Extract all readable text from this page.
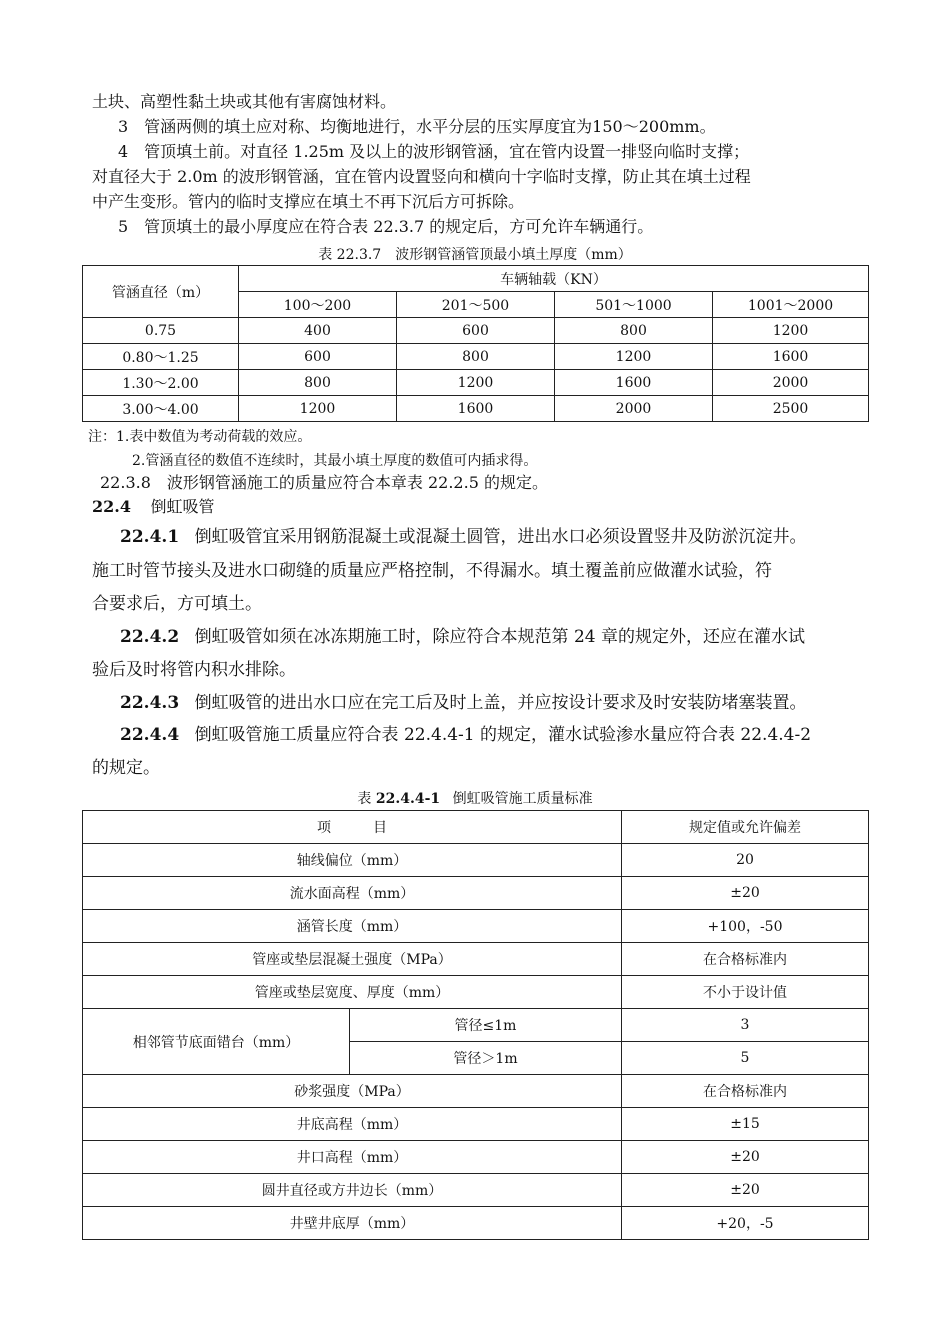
土块、高塑性黏土块或其他有害腐蚀材料。
3　管涵两侧的填土应对称、均衡地进行，水平分层的压实厚度宜为150～200mm。
4　管顶填土前。对直径 1.25m 及以上的波形钢管涵，宜在管内设置一排竖向临时支撑；
对直径大于 2.0m 的波形钢管涵，宜在管内设置竖向和横向十字临时支撑，防止其在填土过程
中产生变形。管内的临时支撑应在填土不再下沉后方可拆除。
5　管顶填土的最小厚度应在符合表 22.3.7 的规定后，方可允许车辆通行。
表 22.3.7　波形钢管涵管顶最小填土厚度（mm）
管涵直径（m）	车辆轴载（KN）			
	100～200	201～500	501～1000	1001～2000
0.75	400	600	800	1200
0.80～1.25	600	800	1200	1600
1.30～2.00	800	1200	1600	2000
3.00～4.00	1200	1600	2000	2500
注：1.表中数值为考动荷载的效应。
2.管涵直径的数值不连续时，其最小填土厚度的数值可内插求得。
22.3.8　波形钢管涵施工的质量应符合本章表 22.2.5 的规定。
22.4 倒虹吸管
22.4.1 倒虹吸管宜采用钢筋混凝土或混凝土圆管，进出水口必须设置竖井及防淤沉淀井。
施工时管节接头及进水口砌缝的质量应严格控制，不得漏水。填土覆盖前应做灌水试验，符
合要求后，方可填土。
22.4.2 倒虹吸管如须在冰冻期施工时，除应符合本规范第 24 章的规定外，还应在灌水试
验后及时将管内积水排除。
22.4.3 倒虹吸管的进出水口应在完工后及时上盖，并应按设计要求及时安装防堵塞装置。
22.4.4 倒虹吸管施工质量应符合表 22.4.4-1 的规定，灌水试验渗水量应符合表 22.4.4-2
的规定。
表 22.4.4-1 倒虹吸管施工质量标准
项　　　目		规定值或允许偏差
轴线偏位（mm）		20
流水面高程（mm）		±20
涵管长度（mm）		+100，-50
管座或垫层混凝土强度（MPa）		在合格标准内
管座或垫层宽度、厚度（mm）		不小于设计值
相邻管节底面错台（mm）	管径≤1m	3
	管径＞1m	5
砂浆强度（MPa）		在合格标准内
井底高程（mm）		±15
井口高程（mm）		±20
圆井直径或方井边长（mm）		±20
井壁井底厚（mm）		+20，-5
